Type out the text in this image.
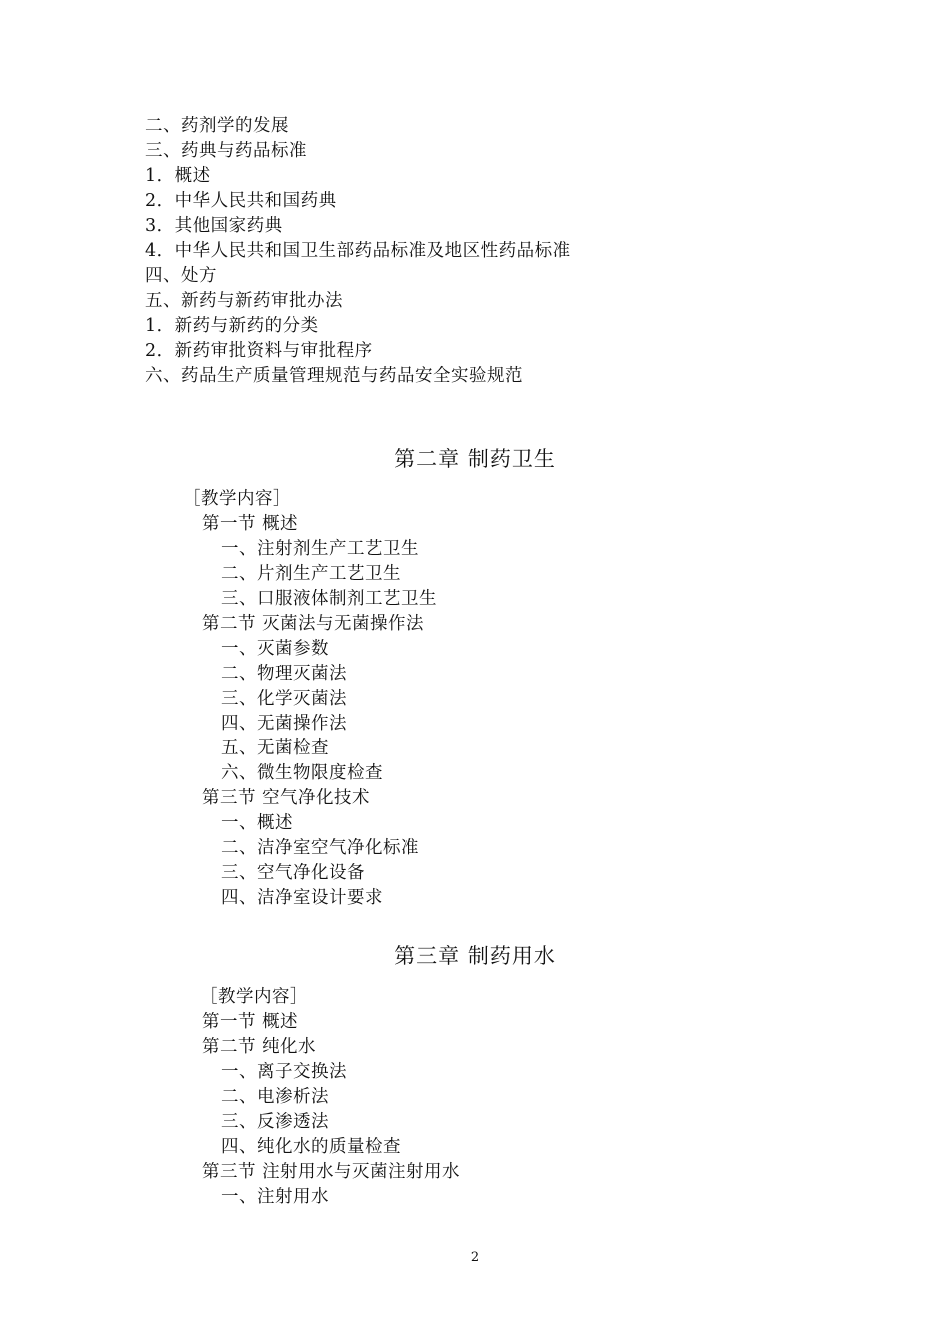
二、药剂学的发展
三、药典与药品标准
1．概述
2．中华人民共和国药典
3．其他国家药典
4．中华人民共和国卫生部药品标准及地区性药品标准
四、处方
五、新药与新药审批办法
1．新药与新药的分类
2．新药审批资料与审批程序
六、药品生产质量管理规范与药品安全实验规范
第二章 制药卫生
［教学内容］
第一节 概述
一、注射剂生产工艺卫生
二、片剂生产工艺卫生
三、口服液体制剂工艺卫生
第二节 灭菌法与无菌操作法
一、灭菌参数
二、物理灭菌法
三、化学灭菌法
四、无菌操作法
五、无菌检查
六、微生物限度检查
第三节 空气净化技术
一、概述
二、洁净室空气净化标准
三、空气净化设备
四、洁净室设计要求
第三章 制药用水
［教学内容］
第一节 概述
第二节 纯化水
一、离子交换法
二、电渗析法
三、反渗透法
四、纯化水的质量检查
第三节 注射用水与灭菌注射用水
一、注射用水
2
